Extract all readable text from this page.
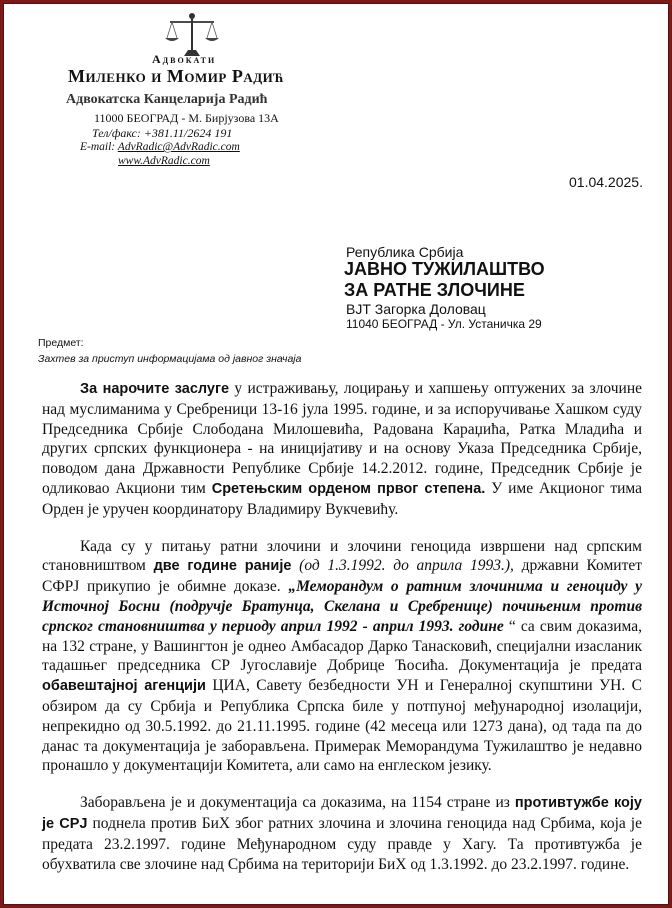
Адвокати
Миленко и Момир Радић
Адвокатска Канцеларија Радић
11000 БЕОГРАД - М. Бирјузова 13А
Тел/факс: +381.11/2624 191
E-mail: AdvRadic@AdvRadic.com
www.AdvRadic.com
01.04.2025.
Република Србија
ЈАВНО ТУЖИЛАШТВО
ЗА РАТНЕ ЗЛОЧИНЕ
ВЈТ Загорка Доловац
11040 БЕОГРАД - Ул. Устаничка 29
Предмет:
Захтев за приступ информацијама од јавног значаја

За нарочите заслуге у истраживању, лоцирању и хапшењу оптужених за злочине над муслиманима у Сребреници 13-16 јула 1995. године, и за испоручивање Хашком суду Председника Србије Слободана Милошевића, Радована Караџића, Ратка Младића и других српских функционера - на иницијативу и на основу Указа Председника Србије, поводом дана Државности Републике Србије 14.2.2012. године, Председник Србије је одликовао Акциони тим Сретењским орденом првог степена. У име Акционог тима Орден је уручен координатору Владимиру Вукчевићу.

Када су у питању ратни злочини и злочини геноцида извршени над српским становништвом две године раније (од 1.3.1992. до априла 1993.), државни Комитет СФРЈ прикупио је обимне доказе. „Меморандум о ратним злочинима и геноциду у Источној Босни (подручје Братунца, Скелана и Сребренице) почињеним против српског становништва у периоду април 1992 - април 1993. године “ са свим доказима, на 132 стране, у Вашингтон је однео Амбасадор Дарко Танасковић, специјални изасланик тадашњег председника СР Југославије Добрице Ћосића. Документација је предата обавештајној агенцији ЦИА, Савету безбедности УН и Генералној скупштини УН. С обзиром да су Србија и Република Српска биле у потпуној међународној изолацији, непрекидно од 30.5.1992. до 21.11.1995. године (42 месеца или 1273 дана), од тада па до данас та документација је заборављена. Примерак Меморандума Тужилаштво је недавно пронашло у документацији Комитета, али само на енглеском језику.

Заборављена је и документација са доказима, на 1154 стране из противтужбе коју је СРЈ поднела против БиХ због ратних злочина и злочина геноцида над Србима, која је предата 23.2.1997. године Међународном суду правде у Хагу. Та противтужба је обухватила све злочине над Србима на територији БиХ од 1.3.1992. до 23.2.1997. године.
